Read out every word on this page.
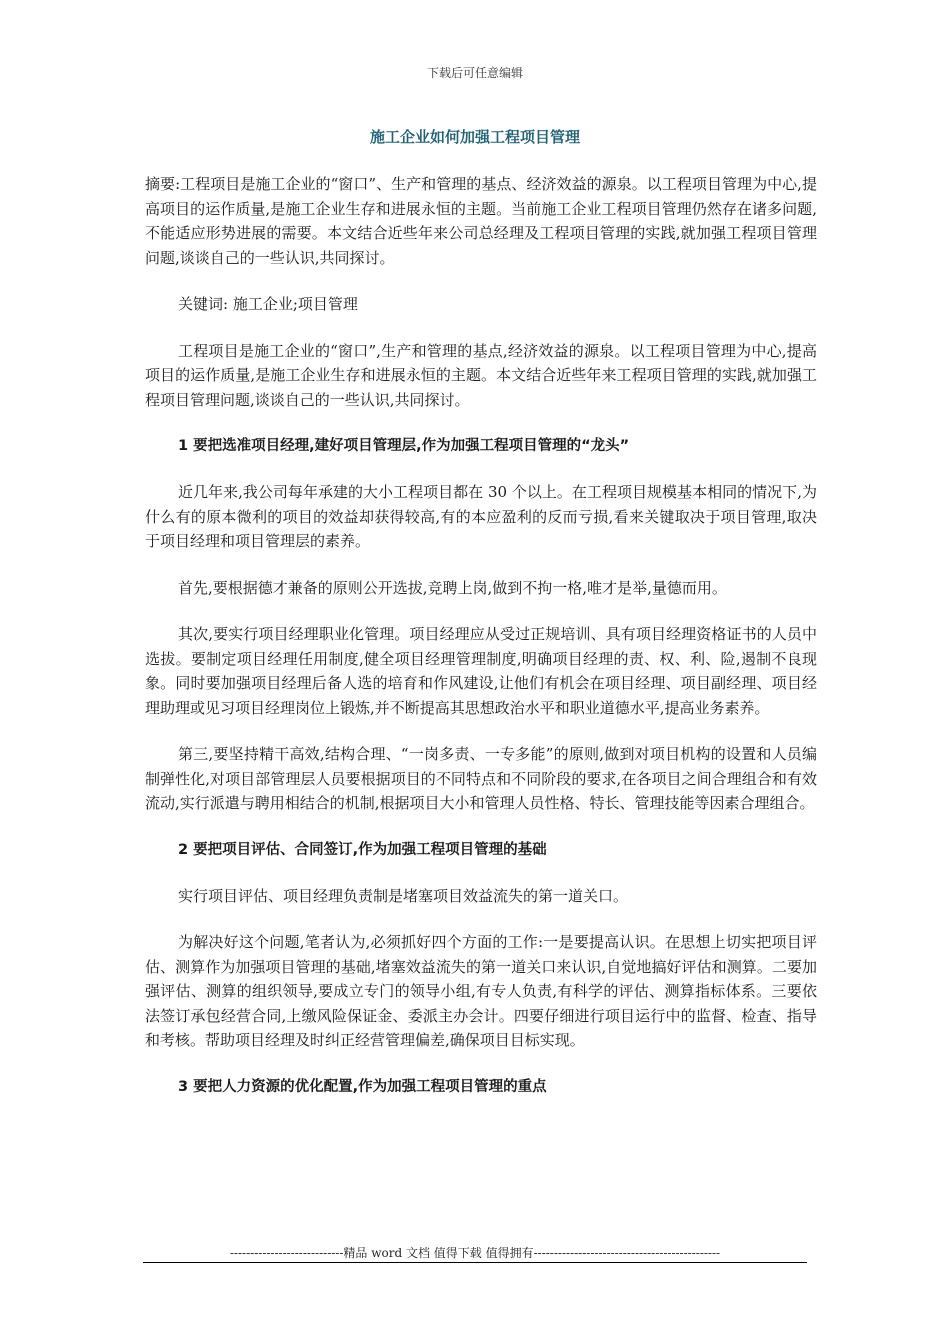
下载后可任意编辑
施工企业如何加强工程项目管理

摘要:工程项目是施工企业的“窗口”、生产和管理的基点、经济效益的源泉。以工程项目管理为中心,提高项目的运作质量,是施工企业生存和进展永恒的主题。当前施工企业工程项目管理仍然存在诸多问题,不能适应形势进展的需要。本文结合近些年来公司总经理及工程项目管理的实践,就加强工程项目管理问题,谈谈自己的一些认识,共同探讨。

关键词: 施工企业;项目管理

工程项目是施工企业的“窗口”,生产和管理的基点,经济效益的源泉。以工程项目管理为中心,提高项目的运作质量,是施工企业生存和进展永恒的主题。本文结合近些年来工程项目管理的实践,就加强工程项目管理问题,谈谈自己的一些认识,共同探讨。

1 要把选准项目经理,建好项目管理层,作为加强工程项目管理的“龙头”

近几年来,我公司每年承建的大小工程项目都在 30 个以上。在工程项目规模基本相同的情况下,为什么有的原本微利的项目的效益却获得较高,有的本应盈利的反而亏损,看来关键取决于项目管理,取决于项目经理和项目管理层的素养。

首先,要根据德才兼备的原则公开选拔,竞聘上岗,做到不拘一格,唯才是举,量德而用。

其次,要实行项目经理职业化管理。项目经理应从受过正规培训、具有项目经理资格证书的人员中选拔。要制定项目经理任用制度,健全项目经理管理制度,明确项目经理的责、权、利、险,遏制不良现象。同时要加强项目经理后备人选的培育和作风建设,让他们有机会在项目经理、项目副经理、项目经理助理或见习项目经理岗位上锻炼,并不断提高其思想政治水平和职业道德水平,提高业务素养。

第三,要坚持精干高效,结构合理、“一岗多责、一专多能”的原则,做到对项目机构的设置和人员编制弹性化,对项目部管理层人员要根据项目的不同特点和不同阶段的要求,在各项目之间合理组合和有效流动,实行派遣与聘用相结合的机制,根据项目大小和管理人员性格、特长、管理技能等因素合理组合。

2 要把项目评估、合同签订,作为加强工程项目管理的基础

实行项目评估、项目经理负责制是堵塞项目效益流失的第一道关口。

为解决好这个问题,笔者认为,必须抓好四个方面的工作:一是要提高认识。在思想上切实把项目评估、测算作为加强项目管理的基础,堵塞效益流失的第一道关口来认识,自觉地搞好评估和测算。二要加强评估、测算的组织领导,要成立专门的领导小组,有专人负责,有科学的评估、测算指标体系。三要依法签订承包经营合同,上缴风险保证金、委派主办会计。四要仔细进行项目运行中的监督、检查、指导和考核。帮助项目经理及时纠正经营管理偏差,确保项目目标实现。

3 要把人力资源的优化配置,作为加强工程项目管理的重点
----------------------------精品 word 文档 值得下载 值得拥有----------------------------------------------
